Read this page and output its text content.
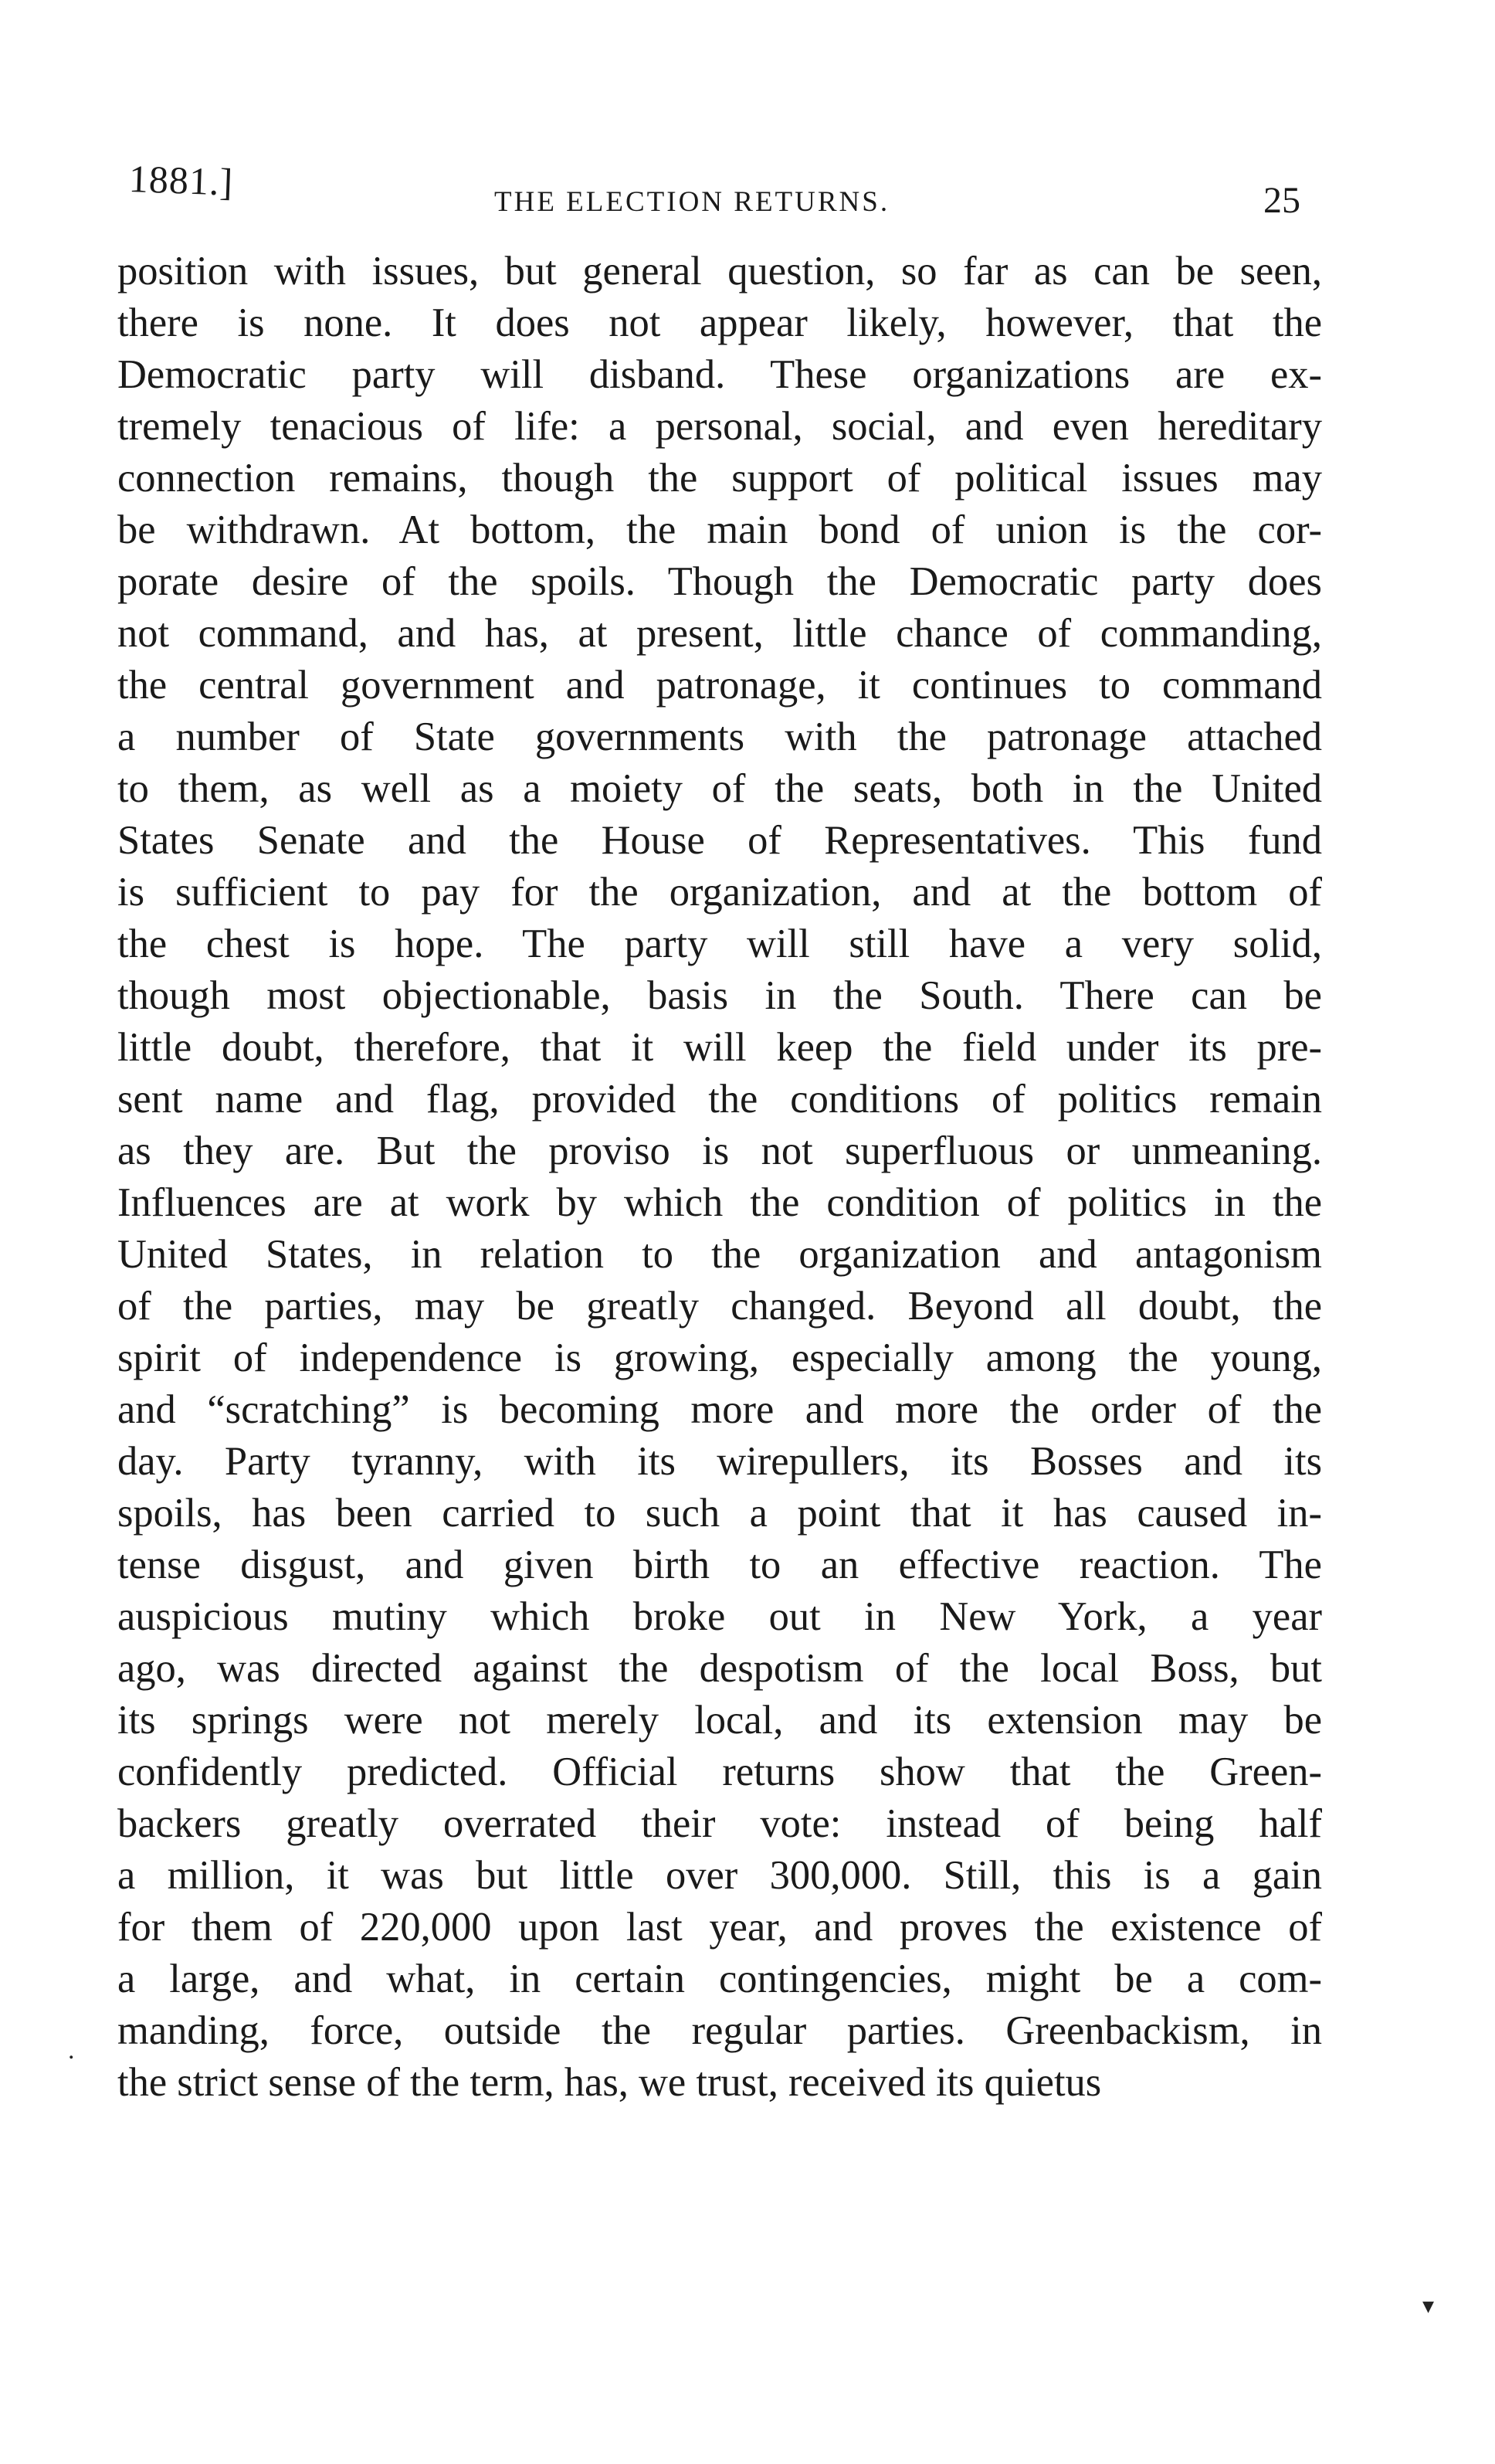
1881.]	THE ELECTION RETURNS.	25
position with issues, but general question, so far as can be seen,
there is none. It does not appear likely, however, that the
Democratic party will disband. These organizations are ex-
tremely tenacious of life: a personal, social, and even hereditary
connection remains, though the support of political issues may
be withdrawn. At bottom, the main bond of union is the cor-
porate desire of the spoils. Though the Democratic party does
not command, and has, at present, little chance of commanding,
the central government and patronage, it continues to command
a number of State governments with the patronage attached
to them, as well as a moiety of the seats, both in the United
States Senate and the House of Representatives. This fund
is sufficient to pay for the organization, and at the bottom of
the chest is hope. The party will still have a very solid,
though most objectionable, basis in the South. There can be
little doubt, therefore, that it will keep the field under its pre-
sent name and flag, provided the conditions of politics remain
as they are. But the proviso is not superfluous or unmeaning.
Influences are at work by which the condition of politics in the
United States, in relation to the organization and antagonism
of the parties, may be greatly changed. Beyond all doubt, the
spirit of independence is growing, especially among the young,
and “scratching” is becoming more and more the order of the
day. Party tyranny, with its wirepullers, its Bosses and its
spoils, has been carried to such a point that it has caused in-
tense disgust, and given birth to an effective reaction. The
auspicious mutiny which broke out in New York, a year
ago, was directed against the despotism of the local Boss, but
its springs were not merely local, and its extension may be
confidently predicted. Official returns show that the Green-
backers greatly overrated their vote: instead of being half
a million, it was but little over 300,000. Still, this is a gain
for them of 220,000 upon last year, and proves the existence of
a large, and what, in certain contingencies, might be a com-
manding, force, outside the regular parties. Greenbackism, in
the strict sense of the term, has, we trust, received its quietus
.
▾
